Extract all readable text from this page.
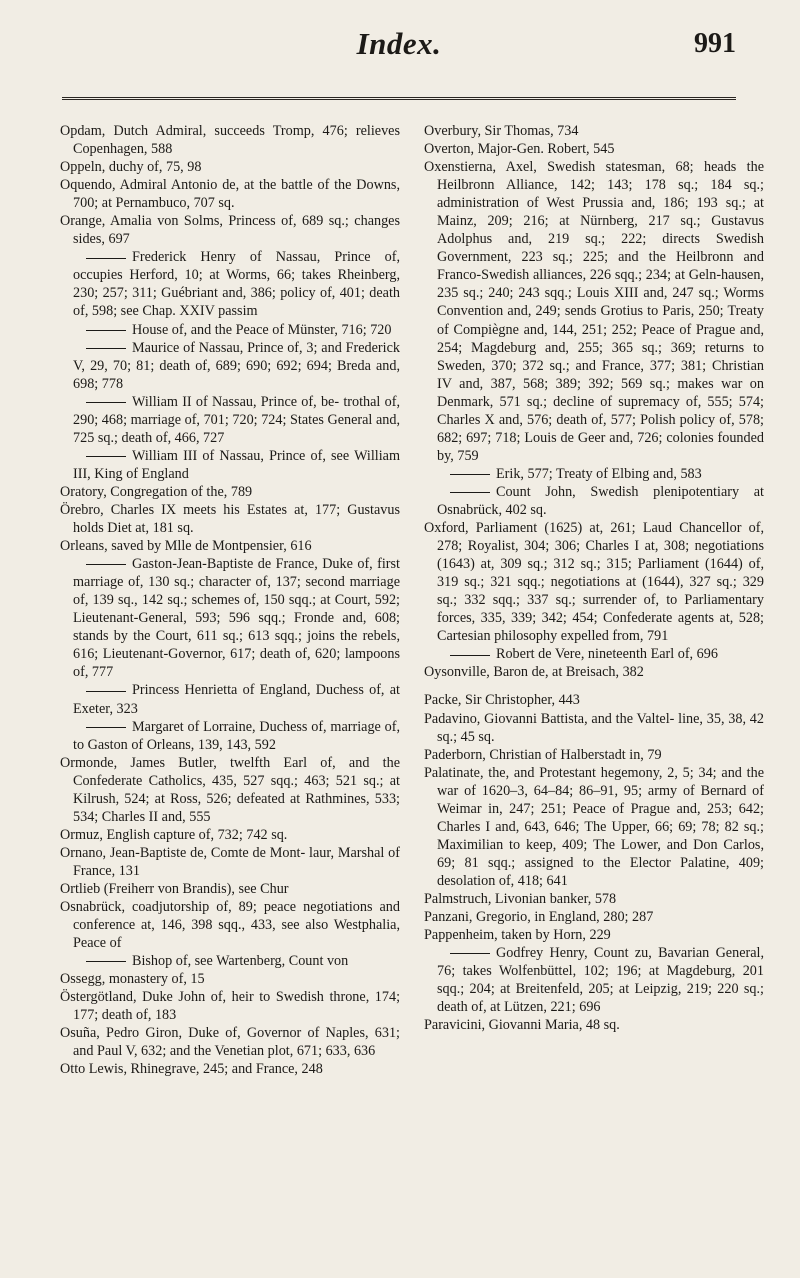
Index.	991
Opdam, Dutch Admiral, succeeds Tromp, 476; relieves Copenhagen, 588
Oppeln, duchy of, 75, 98
Oquendo, Admiral Antonio de, at the battle of the Downs, 700; at Pernambuco, 707 sq.
Orange, Amalia von Solms, Princess of, 689 sq.; changes sides, 697
Frederick Henry of Nassau, Prince of, occupies Herford, 10; at Worms, 66; takes Rheinberg, 230; 257; 311; Guébriant and, 386; policy of, 401; death of, 598; see Chap. XXIV passim
House of, and the Peace of Münster, 716; 720
Maurice of Nassau, Prince of, 3; and Frederick V, 29, 70; 81; death of, 689; 690; 692; 694; Breda and, 698; 778
William II of Nassau, Prince of, be- trothal of, 290; 468; marriage of, 701; 720; 724; States General and, 725 sq.; death of, 466, 727
William III of Nassau, Prince of, see William III, King of England
Oratory, Congregation of the, 789
Örebro, Charles IX meets his Estates at, 177; Gustavus holds Diet at, 181 sq.
Orleans, saved by Mlle de Montpensier, 616
Gaston-Jean-Baptiste de France, Duke of, first marriage of, 130 sq.; character of, 137; second marriage of, 139 sq., 142 sq.; schemes of, 150 sqq.; at Court, 592; Lieutenant-General, 593; 596 sqq.; Fronde and, 608; stands by the Court, 611 sq.; 613 sqq.; joins the rebels, 616; Lieutenant-Governor, 617; death of, 620; lampoons of, 777
Princess Henrietta of England, Duchess of, at Exeter, 323
Margaret of Lorraine, Duchess of, marriage of, to Gaston of Orleans, 139, 143, 592
Ormonde, James Butler, twelfth Earl of, and the Confederate Catholics, 435, 527 sqq.; 463; 521 sq.; at Kilrush, 524; at Ross, 526; defeated at Rathmines, 533; 534; Charles II and, 555
Ormuz, English capture of, 732; 742 sq.
Ornano, Jean-Baptiste de, Comte de Mont- laur, Marshal of France, 131
Ortlieb (Freiherr von Brandis), see Chur
Osnabrück, coadjutorship of, 89; peace negotiations and conference at, 146, 398 sqq., 433, see also Westphalia, Peace of
Bishop of, see Wartenberg, Count von
Ossegg, monastery of, 15
Östergötland, Duke John of, heir to Swedish throne, 174; 177; death of, 183
Osuña, Pedro Giron, Duke of, Governor of Naples, 631; and Paul V, 632; and the Venetian plot, 671; 633, 636
Otto Lewis, Rhinegrave, 245; and France, 248
Overbury, Sir Thomas, 734
Overton, Major-Gen. Robert, 545
Oxenstierna, Axel, Swedish statesman, 68; heads the Heilbronn Alliance, 142; 143; 178 sq.; 184 sq.; administration of West Prussia and, 186; 193 sq.; at Mainz, 209; 216; at Nürnberg, 217 sq.; Gustavus Adolphus and, 219 sq.; 222; directs Swedish Government, 223 sq.; 225; and the Heilbronn and Franco-Swedish alliances, 226 sqq.; 234; at Geln-hausen, 235 sq.; 240; 243 sqq.; Louis XIII and, 247 sq.; Worms Convention and, 249; sends Grotius to Paris, 250; Treaty of Compiègne and, 144, 251; 252; Peace of Prague and, 254; Magdeburg and, 255; 365 sq.; 369; returns to Sweden, 370; 372 sq.; and France, 377; 381; Christian IV and, 387, 568; 389; 392; 569 sq.; makes war on Denmark, 571 sq.; decline of supremacy of, 555; 574; Charles X and, 576; death of, 577; Polish policy of, 578; 682; 697; 718; Louis de Geer and, 726; colonies founded by, 759
Erik, 577; Treaty of Elbing and, 583
Count John, Swedish plenipotentiary at Osnabrück, 402 sq.
Oxford, Parliament (1625) at, 261; Laud Chancellor of, 278; Royalist, 304; 306; Charles I at, 308; negotiations (1643) at, 309 sq.; 312 sq.; 315; Parliament (1644) of, 319 sq.; 321 sqq.; negotiations at (1644), 327 sq.; 329 sq.; 332 sqq.; 337 sq.; surrender of, to Parliamentary forces, 335, 339; 342; 454; Confederate agents at, 528; Cartesian philosophy expelled from, 791
Robert de Vere, nineteenth Earl of, 696
Oysonville, Baron de, at Breisach, 382
Packe, Sir Christopher, 443
Padavino, Giovanni Battista, and the Valtel- line, 35, 38, 42 sq.; 45 sq.
Paderborn, Christian of Halberstadt in, 79
Palatinate, the, and Protestant hegemony, 2, 5; 34; and the war of 1620–3, 64–84; 86–91, 95; army of Bernard of Weimar in, 247; 251; Peace of Prague and, 253; 642; Charles I and, 643, 646; The Upper, 66; 69; 78; 82 sq.; Maximilian to keep, 409; The Lower, and Don Carlos, 69; 81 sqq.; assigned to the Elector Palatine, 409; desolation of, 418; 641
Palmstruch, Livonian banker, 578
Panzani, Gregorio, in England, 280; 287
Pappenheim, taken by Horn, 229
Godfrey Henry, Count zu, Bavarian General, 76; takes Wolfenbüttel, 102; 196; at Magdeburg, 201 sqq.; 204; at Breitenfeld, 205; at Leipzig, 219; 220 sq.; death of, at Lützen, 221; 696
Paravicini, Giovanni Maria, 48 sq.
